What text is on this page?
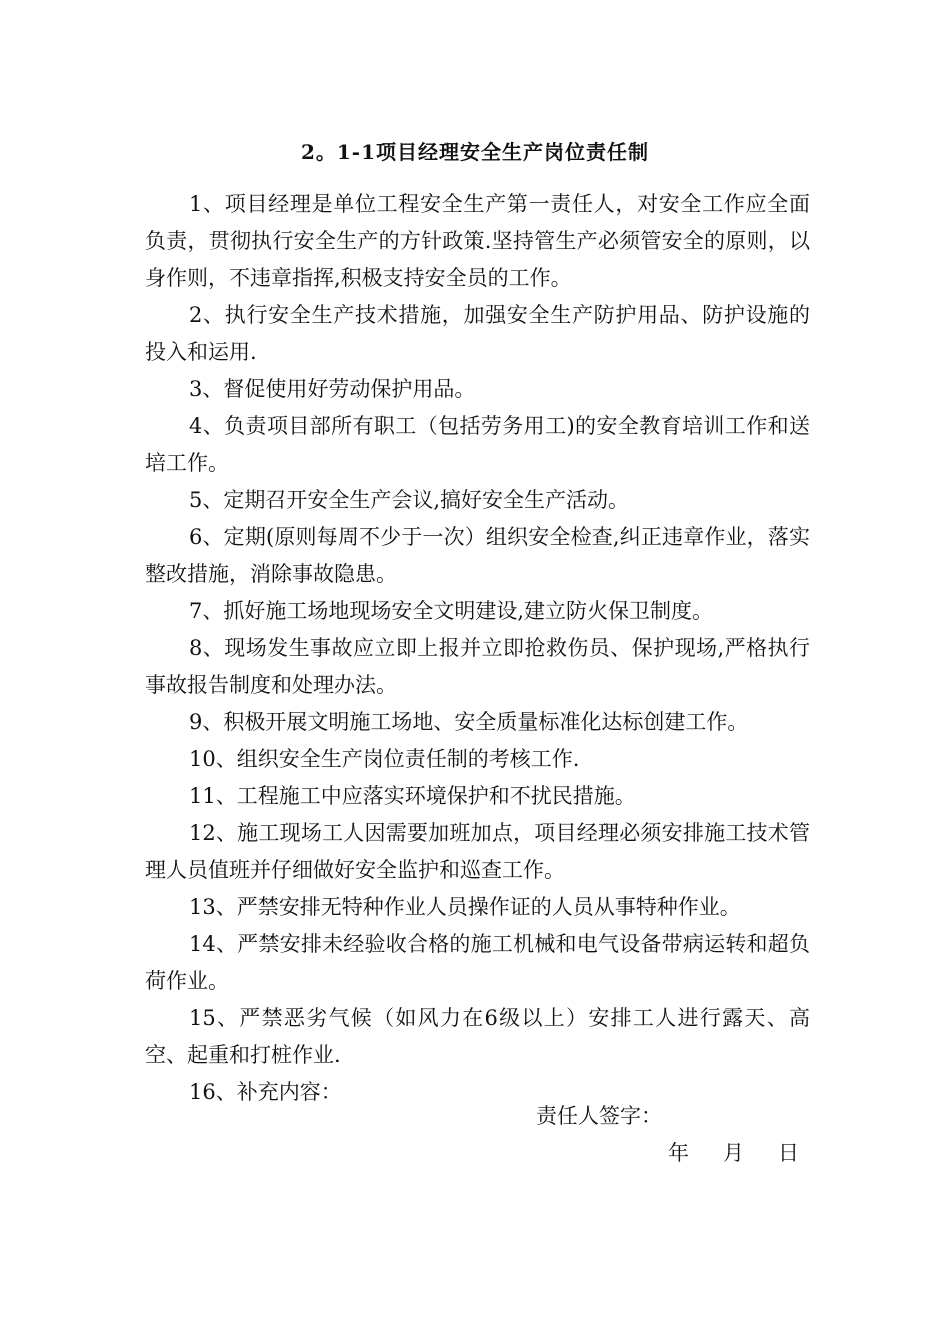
2。1-1项目经理安全生产岗位责任制

1、项目经理是单位工程安全生产第一责任人，对安全工作应全面负责，贯彻执行安全生产的方针政策.坚持管生产必须管安全的原则，以身作则，不违章指挥,积极支持安全员的工作。

2、执行安全生产技术措施，加强安全生产防护用品、防护设施的投入和运用.

3、督促使用好劳动保护用品。

4、负责项目部所有职工（包括劳务用工)的安全教育培训工作和送培工作。

5、定期召开安全生产会议,搞好安全生产活动。

6、定期(原则每周不少于一次）组织安全检查,纠正违章作业，落实整改措施，消除事故隐患。

7、抓好施工场地现场安全文明建设,建立防火保卫制度。

8、现场发生事故应立即上报并立即抢救伤员、保护现场,严格执行事故报告制度和处理办法。

9、积极开展文明施工场地、安全质量标准化达标创建工作。

10、组织安全生产岗位责任制的考核工作.

11、工程施工中应落实环境保护和不扰民措施。

12、施工现场工人因需要加班加点，项目经理必须安排施工技术管理人员值班并仔细做好安全监护和巡查工作。

13、严禁安排无特种作业人员操作证的人员从事特种作业。

14、严禁安排未经验收合格的施工机械和电气设备带病运转和超负荷作业。

15、严禁恶劣气候（如风力在6级以上）安排工人进行露天、高空、起重和打桩作业.

16、补充内容：

责任人签字：
年 月 日
